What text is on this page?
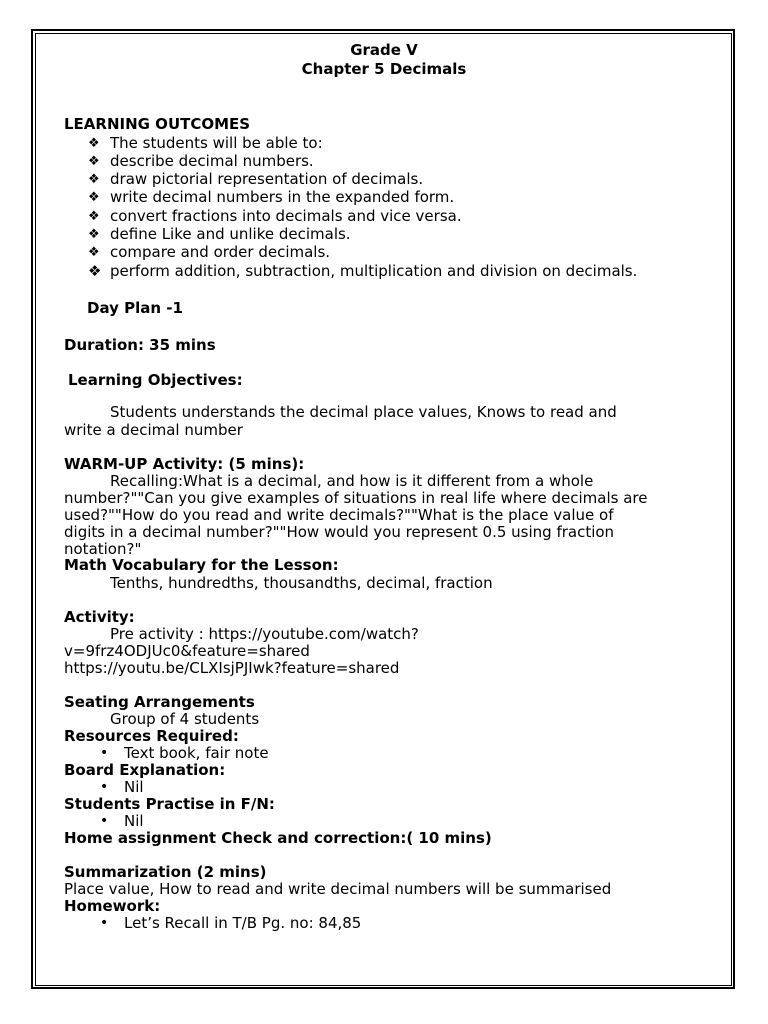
Grade V
Chapter 5 Decimals
LEARNING OUTCOMES
❖ The students will be able to:
❖ describe decimal numbers.
❖ draw pictorial representation of decimals.
❖ write decimal numbers in the expanded form.
❖ convert fractions into decimals and vice versa.
❖ define Like and unlike decimals.
❖ compare and order decimals.
❖ perform addition, subtraction, multiplication and division on decimals.
Day Plan -1
Duration: 35 mins
Learning Objectives:
Students understands the decimal place values, Knows to read and
write a decimal number
WARM-UP Activity: (5 mins):
Recalling:What is a decimal, and how is it different from a whole
number?""Can you give examples of situations in real life where decimals are
used?""How do you read and write decimals?""What is the place value of
digits in a decimal number?""How would you represent 0.5 using fraction
notation?"
Math Vocabulary for the Lesson:
Tenths, hundredths, thousandths, decimal, fraction
Activity:
Pre activity : https://youtube.com/watch?
v=9frz4ODJUc0&feature=shared
https://youtu.be/CLXIsjPJIwk?feature=shared
Seating Arrangements
Group of 4 students
Resources Required:
• Text book, fair note
Board Explanation:
• Nil
Students Practise in F/N:
• Nil
Home assignment Check and correction:( 10 mins)
Summarization (2 mins)
Place value, How to read and write decimal numbers will be summarised
Homework:
• Let’s Recall in T/B Pg. no: 84,85
